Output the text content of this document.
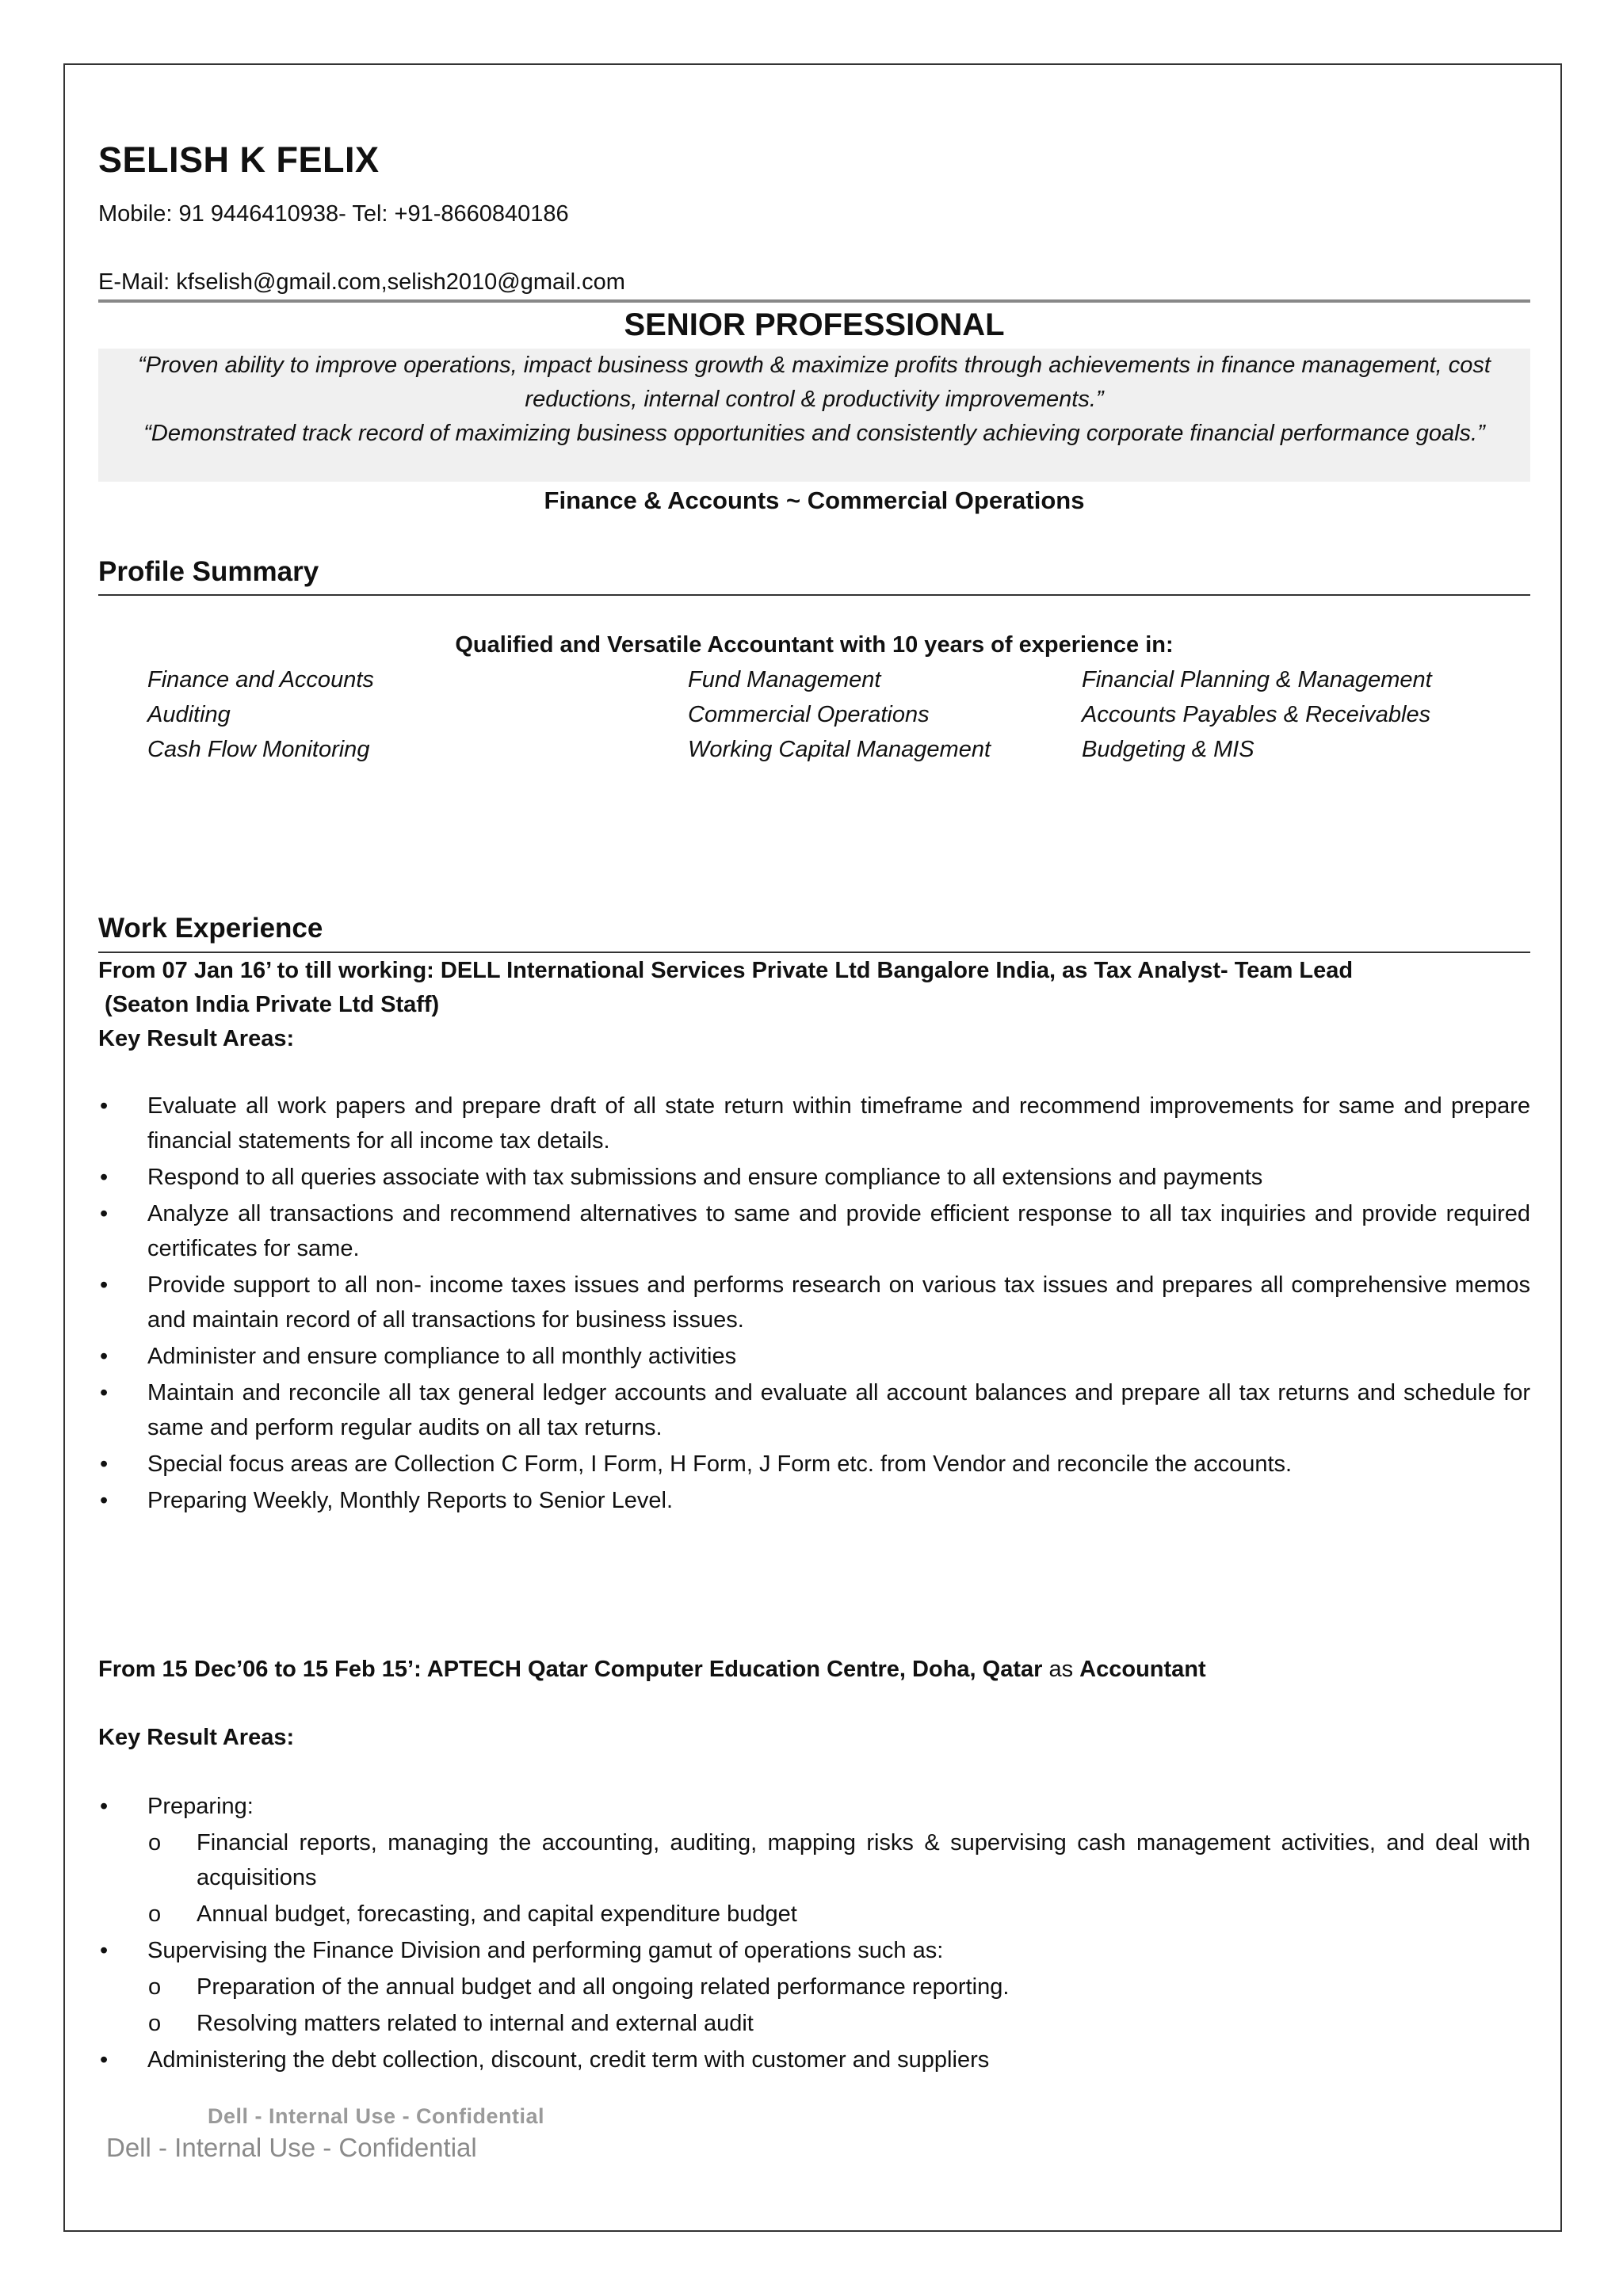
SELISH K FELIX
Mobile: 91 9446410938- Tel: +91-8660840186
E-Mail: kfselish@gmail.com,selish2010@gmail.com
SENIOR PROFESSIONAL
“Proven ability to improve operations, impact business growth & maximize profits through achievements in finance management, cost reductions, internal control & productivity improvements.”
“Demonstrated track record of maximizing business opportunities and consistently achieving corporate financial performance goals.”
Finance & Accounts ~ Commercial Operations
Profile Summary
Qualified and Versatile Accountant with 10 years of experience in:
Finance and Accounts	Fund Management	Financial Planning & Management
Auditing	Commercial Operations	Accounts Payables & Receivables
Cash Flow Monitoring	Working Capital Management	Budgeting & MIS
Work Experience
From 07 Jan 16’ to till working: DELL International Services Private Ltd Bangalore India, as Tax Analyst- Team Lead
(Seaton India Private Ltd Staff)
Key Result Areas:
• Evaluate all work papers and prepare draft of all state return within timeframe and recommend improvements for same and prepare financial statements for all income tax details.
• Respond to all queries associate with tax submissions and ensure compliance to all extensions and payments
• Analyze all transactions and recommend alternatives to same and provide efficient response to all tax inquiries and provide required certificates for same.
• Provide support to all non- income taxes issues and performs research on various tax issues and prepares all comprehensive memos and maintain record of all transactions for business issues.
• Administer and ensure compliance to all monthly activities
• Maintain and reconcile all tax general ledger accounts and evaluate all account balances and prepare all tax returns and schedule for same and perform regular audits on all tax returns.
• Special focus areas are Collection C Form, I Form, H Form, J Form etc. from Vendor and reconcile the accounts.
• Preparing Weekly, Monthly Reports to Senior Level.
From 15 Dec’06 to 15 Feb 15’: APTECH Qatar Computer Education Centre, Doha, Qatar as Accountant
Key Result Areas:
• Preparing:
o Financial reports, managing the accounting, auditing, mapping risks & supervising cash management activities, and deal with acquisitions
o Annual budget, forecasting, and capital expenditure budget
• Supervising the Finance Division and performing gamut of operations such as:
o Preparation of the annual budget and all ongoing related performance reporting.
o Resolving matters related to internal and external audit
• Administering the debt collection, discount, credit term with customer and suppliers
Dell - Internal Use - Confidential
Dell - Internal Use - Confidential
